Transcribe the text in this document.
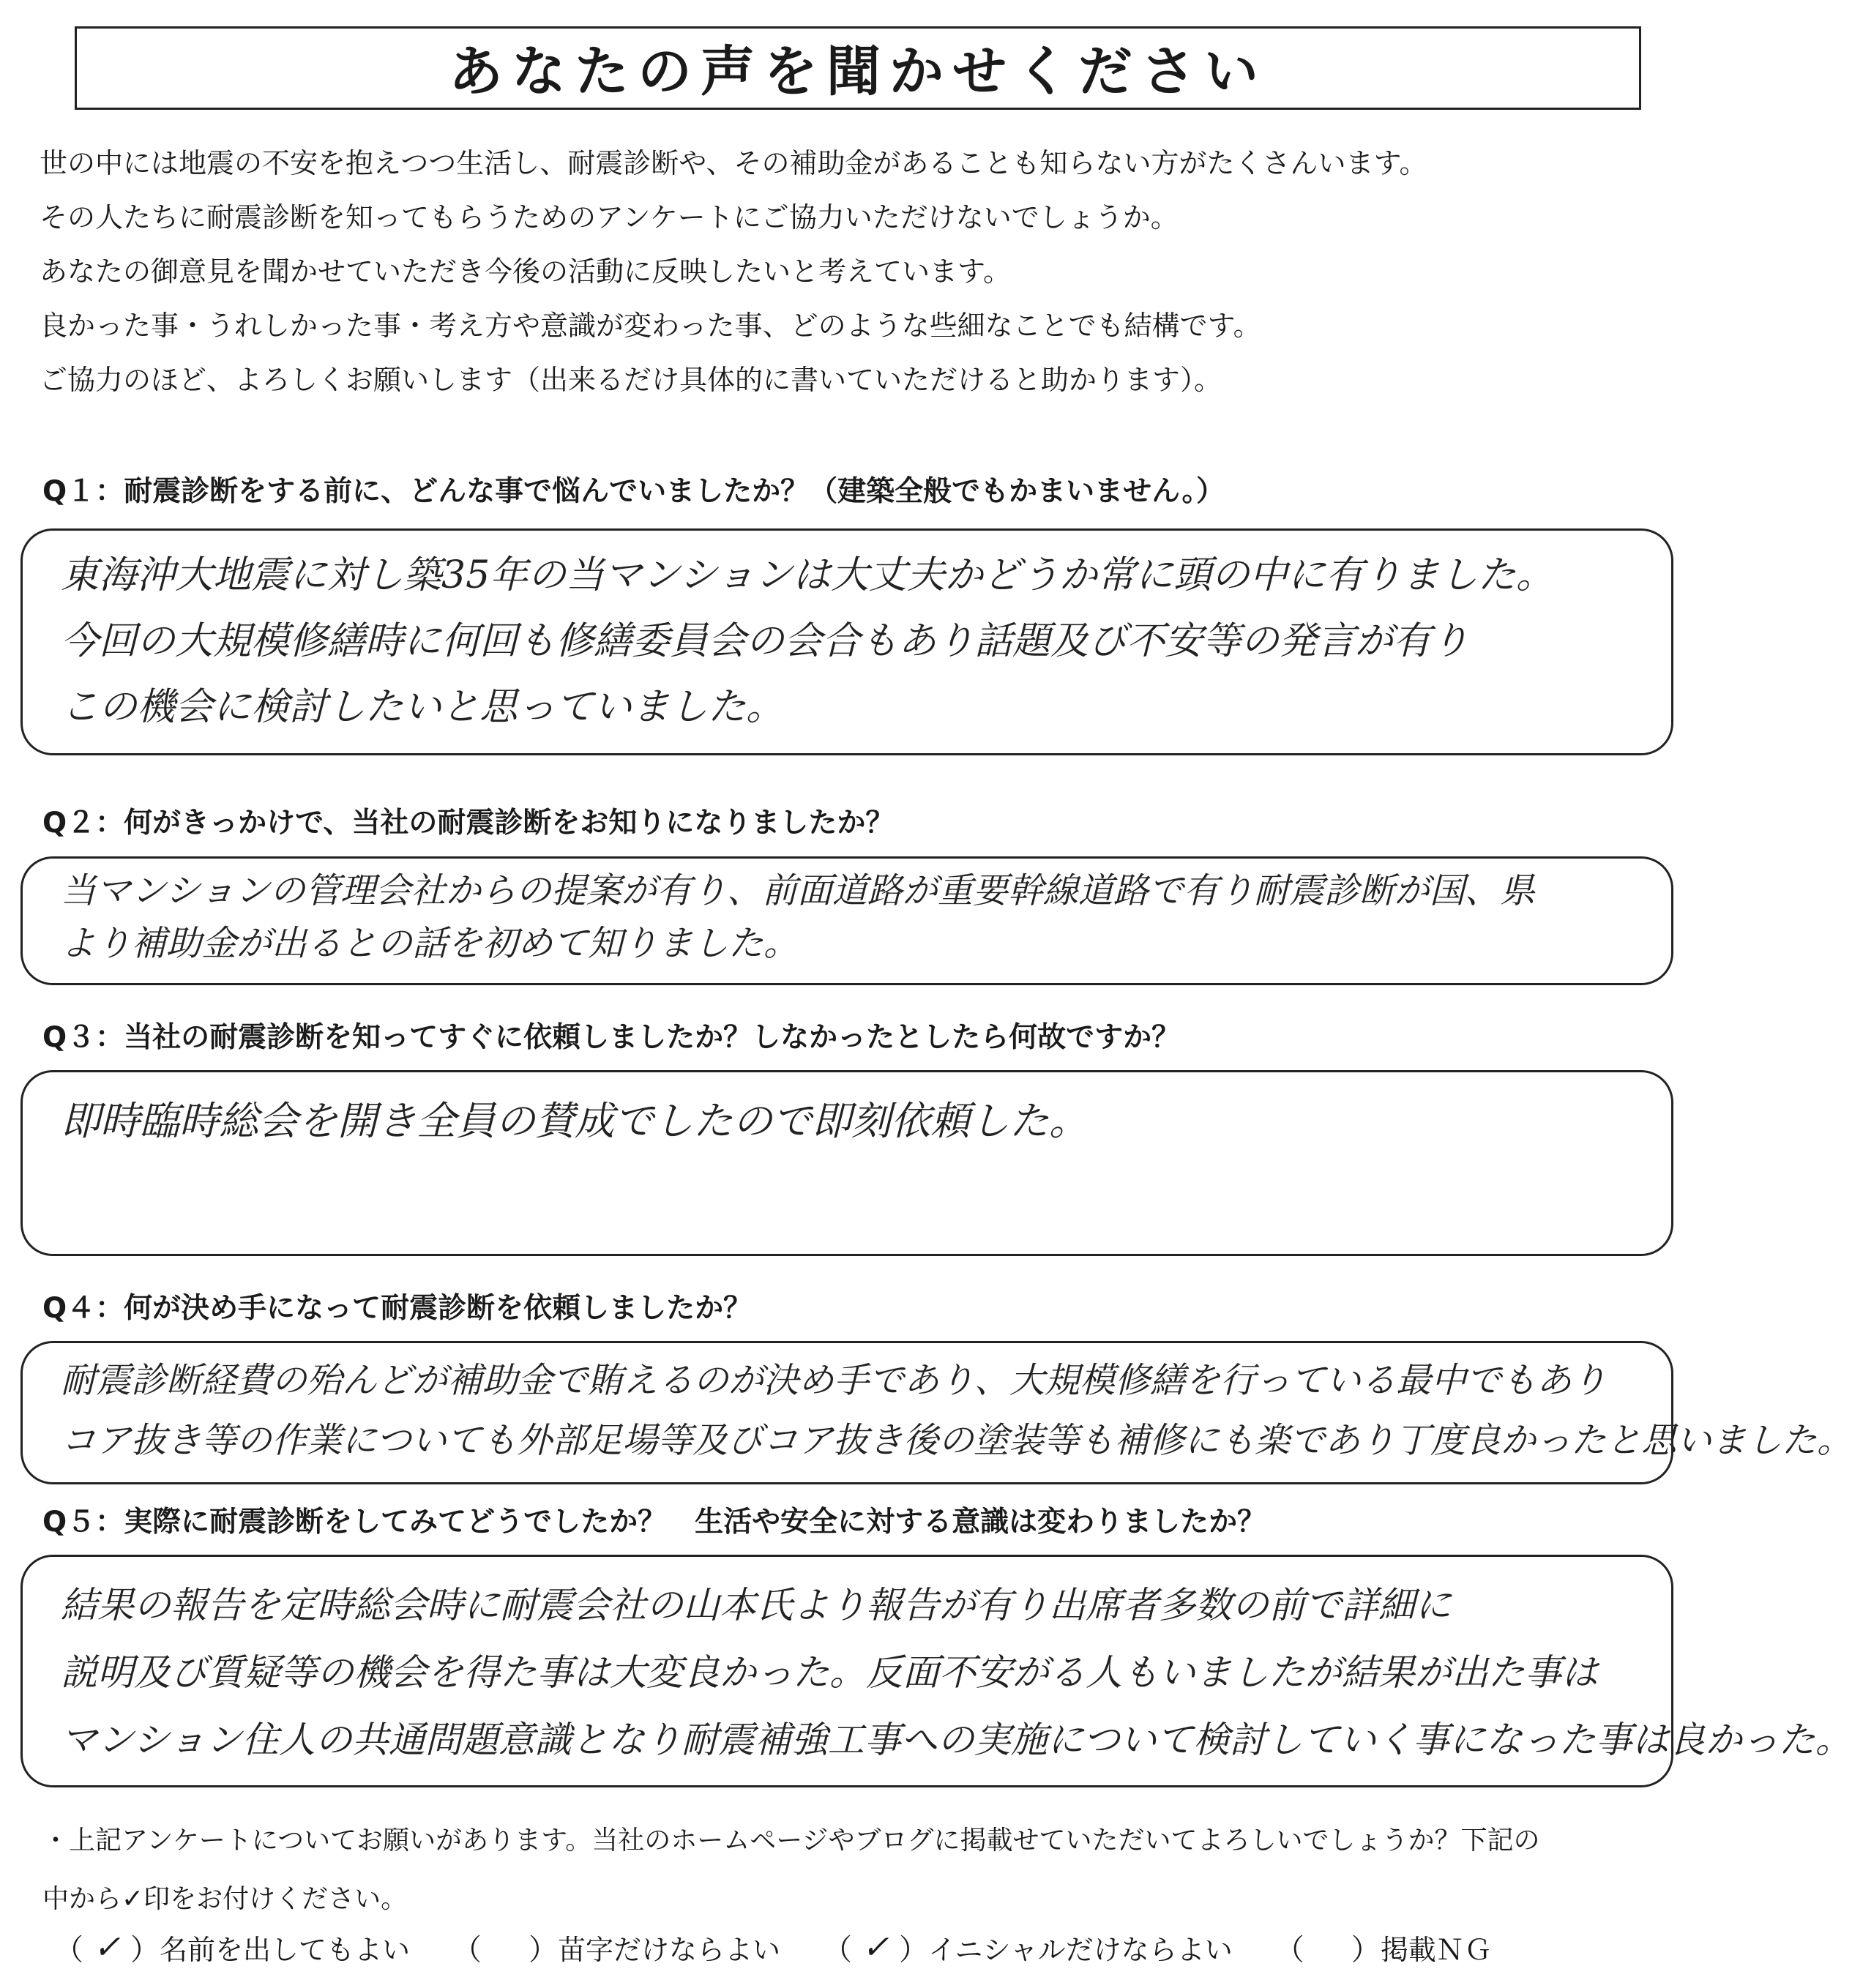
あなたの声を聞かせください

世の中には地震の不安を抱えつつ生活し、耐震診断や、その補助金があることも知らない方がたくさんいます。

その人たちに耐震診断を知ってもらうためのアンケートにご協力いただけないでしょうか。

あなたの御意見を聞かせていただき今後の活動に反映したいと考えています。

良かった事・うれしかった事・考え方や意識が変わった事、どのような些細なことでも結構です。

ご協力のほど、よろしくお願いします（出来るだけ具体的に書いていただけると助かります）。

Q１：耐震診断をする前に、どんな事で悩んでいましたか？（建築全般でもかまいません。）
東海沖大地震に対し築35年の当マンションは大丈夫かどうか常に頭の中に有りました。
今回の大規模修繕時に何回も修繕委員会の会合もあり話題及び不安等の発言が有り
この機会に検討したいと思っていました。
Q２：何がきっかけで、当社の耐震診断をお知りになりましたか？
当マンションの管理会社からの提案が有り、前面道路が重要幹線道路で有り耐震診断が国、県
より補助金が出るとの話を初めて知りました。
Q３：当社の耐震診断を知ってすぐに依頼しましたか？しなかったとしたら何故ですか？
即時臨時総会を開き全員の賛成でしたので即刻依頼した。
Q４：何が決め手になって耐震診断を依頼しましたか？
耐震診断経費の殆んどが補助金で賄えるのが決め手であり、大規模修繕を行っている最中でもあり
コア抜き等の作業についても外部足場等及びコア抜き後の塗装等も補修にも楽であり丁度良かったと思いました。
Q５：実際に耐震診断をしてみてどうでしたか？　生活や安全に対する意識は変わりましたか？
結果の報告を定時総会時に耐震会社の山本氏より報告が有り出席者多数の前で詳細に
説明及び質疑等の機会を得た事は大変良かった。反面不安がる人もいましたが結果が出た事は
マンション住人の共通問題意識となり耐震補強工事への実施について検討していく事になった事は良かった。
・上記アンケートについてお願いがあります。当社のホームページやブログに掲載せていただいてよろしいでしょうか？下記の
中から✓印をお付けください。
（ ✓ ） 名前を出してもよい （ ） 苗字だけならよい （ ✓ ） イニシャルだけならよい （ ） 掲載ＮＧ
